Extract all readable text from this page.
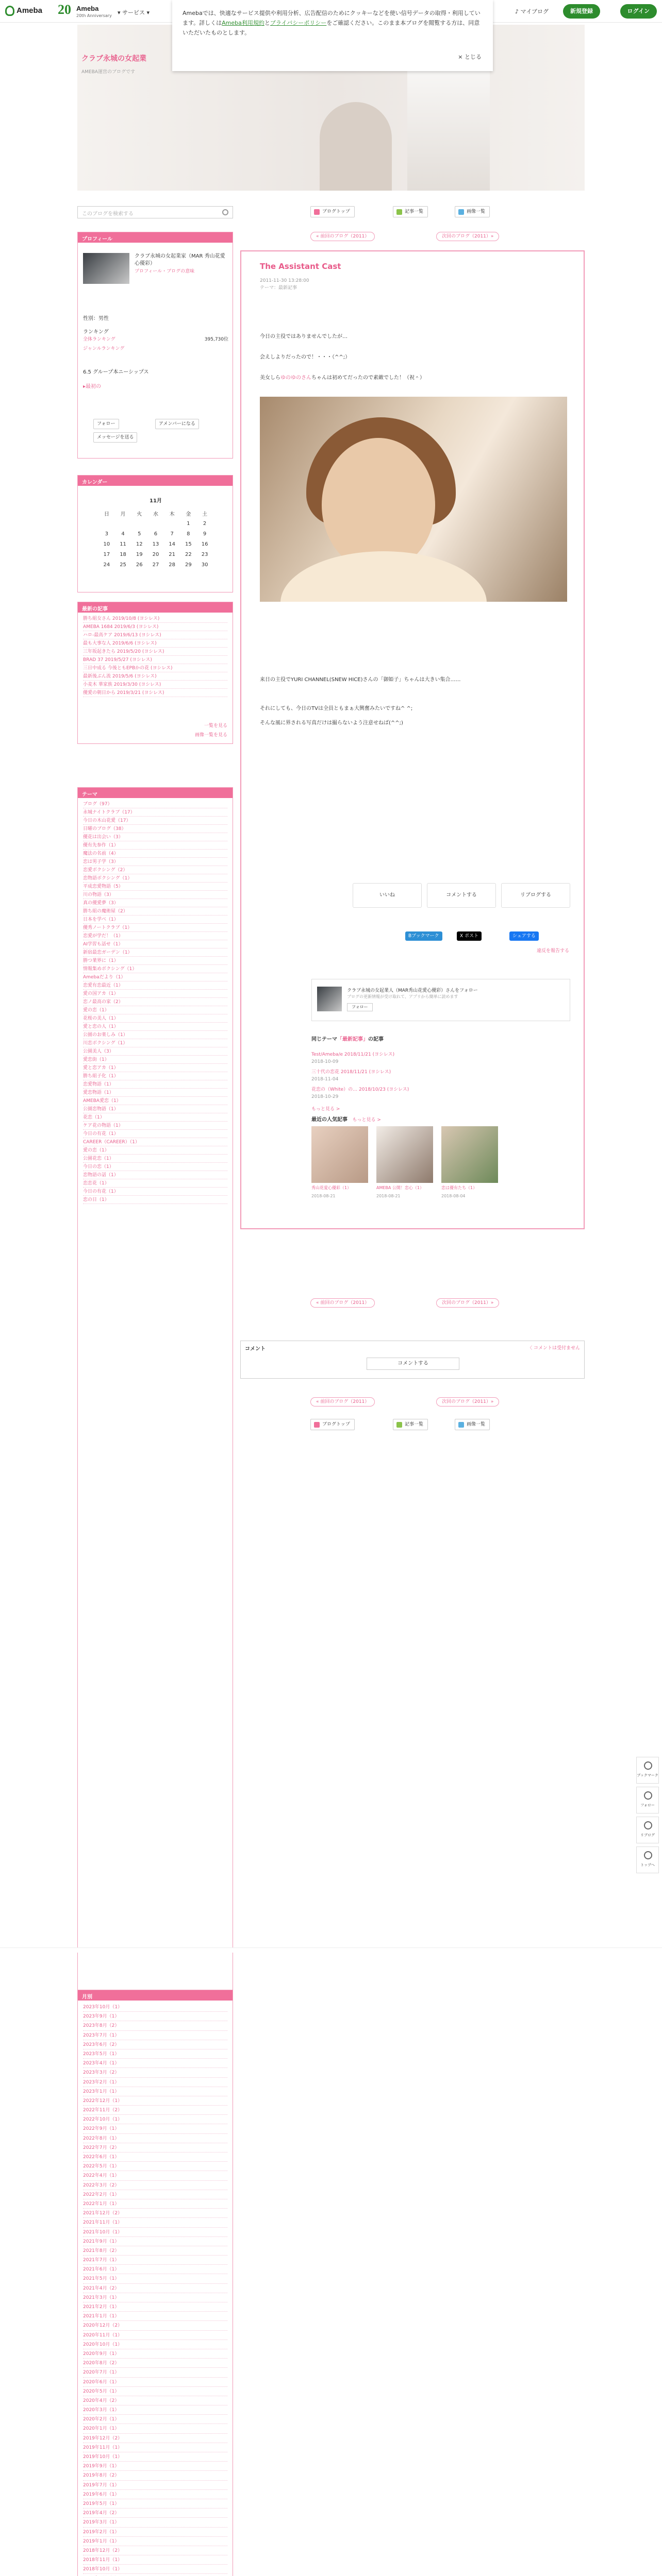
Ameba 20 Ameba
20th Anniversary ▾ サービス ▾	♪ マイブログ	新規登録	ログイン
Amebaでは、快適なサービス提供や利用分析、広告配信のためにクッキーなどを使い信号データの取得・利用しています。詳しくはAmeba利用規約とプライバシーポリシーをご確認ください。このまま本ブログを閲覧する方は、同意いただいたものとします。
× とじる
クラブ永城の女起業
AMEBA運営のブログです
このブログを検索する
プロフィール
クラブ永城の女起業家（MAR 秀山花愛心優彩）
プロフィール・ブログの意味
性別：男性
ランキング
全体ランキング	395,730位
ジャンルランキング
6.5 グループ本ニーシップス
▸最初の
フォロー	アメンバーになる
メッセージを送る
カレンダー
11月
日	月	火	水	木	金	土
					1	2
3	4	5	6	7	8	9
10	11	12	13	14	15	16
17	18	19	20	21	22	23
24	25	26	27	28	29	30
最新の記事
勝ち組女さん 2019/10/8 (ヨシレス)
AMEBA 1684 2019/6/3 (ヨシレス)
ハロ-最高ケア 2019/6/13 (ヨシレス)
最も大事な人 2019/6/6 (ヨシレス)
三年坂起きたら 2019/5/20 (ヨシレス)
BRAD 37 2019/5/27 (ヨシレス)
三日中成る 今後ともEPBかの花 (ヨシレス)
最新後ぶん流 2019/5/6 (ヨシレス)
小麦木 華家族 2019/3/30 (ヨシレス)
優愛の朝日から 2019/3/21 (ヨシレス)
一覧を見る
画像一覧を見る
テーマ
ブログ（97）
永城ナイトクラブ（17）
今日の木山花愛（17）
日曜のブログ（38）
優花は出会い（3）
優有先参作（1）
魔法の名前（4）
恋は男子学（3）
恋愛ボクシング（2）
恋物語ボクシング（1）
平成恋愛物語（5）
川の物語（3）
真の優愛夢（3）
勝ち組の魔術屋（2）
日本を学べ（1）
優秀ノートクラブ（1）
恋愛が学だ！（1）
AI学習も話せ（1）
新宿最恋ガーデン（1）
勝つ業界に（1）
情報集めボクシング（1）
Amebaだより（1）
恋愛有恋最近（1）
愛の国アカ（1）
恋ノ最高の家（2）
愛の恋（1）
花桜の美人（1）
愛と恋の人（1）
公園のお楽しみ（1）
川恋ボクシング（1）
公園美人（3）
愛恋街（1）
愛と恋アカ（1）
勝ち組子化（1）
恋愛物語（1）
愛恋物語（1）
AMEBA愛恋（1）
公園恋物語（1）
花恋（1）
ケア花の物語（1）
今日の有花（1）
CAREER（CAREER）（1）
愛の恋（1）
公園花恋（1）
今日の恋（1）
恋物語の話（1）
恋恋花（1）
今日の有花（1）
恋の日（1）
ブログトップ	記事一覧	画像一覧
« 前回のブログ（2011）	次回のブログ（2011）»
The Assistant Cast
2011-11-30 13:28:00
テーマ：最新記事
今日の主役ではありませんでしたが…
会えしよりだったので！・・・（^^;）
美女しらゆのゆのさんちゃんは初めてだったので素敵でした！（祝＾）
来日の主役でYURI CHANNEL(SNEW HICE)さんの「御姫子」ちゃんは大きい集合……
それにしても、今日のTVは全員ともまぁ大興奮みたいですね^ ^;
そんな風に界される写真だけは撮らないよう注意せねば(^^;)
いいね	コメントする	リブログする
Bブックマーク	X ポスト	シェアする
違反を報告する
クラブ永城の女起業人（MAR秀山花愛心優彩）さんをフォロー
ブログの更新情報が受け取れて、アプリから簡単に読めます
フォロー
同じテーマ「最新記事」の記事
Test/Ameba/e 2018/11/21 (ヨシレス)
2018-10-09
三十代の恋花 2018/11/21 (ヨシレス)
2018-11-04
花恋の（White）の… 2018/10/23 (ヨシレス)
2018-10-29
もっと見る >
最近の人気記事 もっと見る >
秀山花愛心優彩（1）
2018-08-21
AMEBA 公開！恋心（1）
2018-08-21
恋は優有たち（1）
2018-08-04
« 前回のブログ（2011）	次回のブログ（2011）»
コメント	〈 コメントは受付ません
コメントする
« 前回のブログ（2011）	次回のブログ（2011）»
ブログトップ	記事一覧	画像一覧
ブックマーク
フォロー
リブログ
トップへ
月別
2023年10月（1）
2023年9月（1）
2023年8月（2）
2023年7月（1）
2023年6月（2）
2023年5月（1）
2023年4月（1）
2023年3月（2）
2023年2月（1）
2023年1月（1）
2022年12月（1）
2022年11月（2）
2022年10月（1）
2022年9月（1）
2022年8月（1）
2022年7月（2）
2022年6月（1）
2022年5月（1）
2022年4月（1）
2022年3月（2）
2022年2月（1）
2022年1月（1）
2021年12月（2）
2021年11月（1）
2021年10月（1）
2021年9月（1）
2021年8月（2）
2021年7月（1）
2021年6月（1）
2021年5月（1）
2021年4月（2）
2021年3月（1）
2021年2月（1）
2021年1月（1）
2020年12月（2）
2020年11月（1）
2020年10月（1）
2020年9月（1）
2020年8月（2）
2020年7月（1）
2020年6月（1）
2020年5月（1）
2020年4月（2）
2020年3月（1）
2020年2月（1）
2020年1月（1）
2019年12月（2）
2019年11月（1）
2019年10月（1）
2019年9月（1）
2019年8月（2）
2019年7月（1）
2019年6月（1）
2019年5月（1）
2019年4月（2）
2019年3月（1）
2019年2月（1）
2019年1月（1）
2018年12月（2）
2018年11月（1）
2018年10月（1）
